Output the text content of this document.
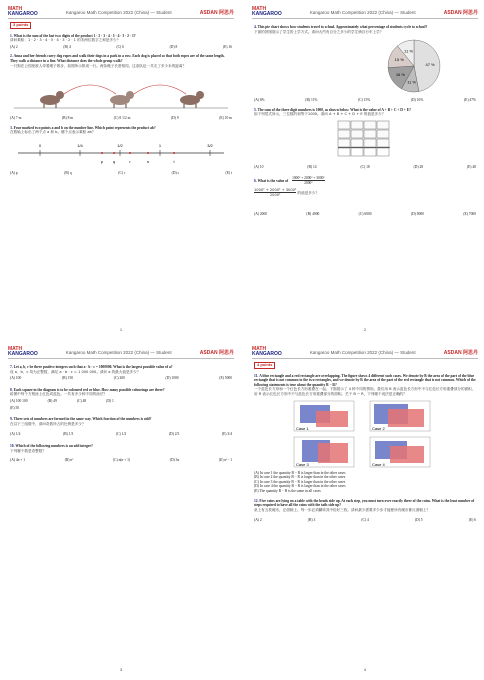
MATH
KANGAROO	Kangaroo Math Competition 2022 (China) — Student	ASDAN 阿思丹
3 points
1. What is the sum of the last two digits of the product 1 · 2 · 3 · 4 · 5 · 4 · 3 · 2 · 1?
请问乘积：1 · 2 · 3 · 4 · 5 · 4 · 3 · 2 · 1 的末两位数字之和是多少？
(A) 2	(B) 4	(C) 6	(D) 8	(E) 16
2. Anna and her friends carry dog ropes and walk their dogs in a park in a row. Each dog is placed so that both ropes are of the same length. They walk a distance in a line. What distance does the whole group walk?
一只狗在公园里被人牵着绳子散步，如图所示排成一行。两条绳子长度相同。这条队伍一共走了多少米的距离？
(A) 7 m	(B) 8 m	(C) 8 1/2 m	(D) 9	(E) 10 m
3. Four marked two points a and b on the number line. Which point represents the product ab?
在数轴上标出了两个点 a 和 b。哪个点表示乘积 ab？
0	1/4	1/2	1	3/2
p q	r	s	t
(A) p	(B) q	(C) r	(D) s	(E) t
1
MATH
KANGAROO	Kangaroo Math Competition 2022 (China) — Student	ASDAN 阿思丹
4. This pie chart shows how students travel to school. Approximately what percentage of students cycle to school?
下面的饼图展示了学生的上学方式。请问大约有百分之多少的学生骑自行车上学？
47 %
11 %
16 %
15 %
11 %
(A) 6%	(B) 11%	(C) 15%	(D) 16%	(E) 47%
5. The sum of the three digit numbers is 1000, as shown below. What is the value of A + B + C + D + E?
如下列竖式所示，三位数的和等于1000。请问 A + B + C + D + E 的值是多少？
(A) 10	(B) 14	(C) 18	(D) 28	(E) 48
6. What is the value of $\frac{\text{1000² + 2000² + 3000²}}{\text{2000²}}$
$\frac{\text{1000² + 2000² + 3000²}}{\text{2000²}}$ 的值是多少？
(A) 2000	(B) 4000	(C) 6000	(D) 8000	(E) 7000
2
MATH
KANGAROO	Kangaroo Math Competition 2022 (China) — Student	ASDAN 阿思丹
7. Let a, b, c be three positive integers such that a · b · c = 1000000. What is the largest possible value of a?
设 a、b、c 均为正整数，满足 a · b · c = 1 000 000。请问 a 的最大值是多少？
(A) 100	(B) 150	(C) 200	(D) 1000	(E) 5000
8. Each square in the diagram is to be coloured red or blue. How many possible colourings are there?
给图中每个方格涂上红色或蓝色。一共有多少种不同的涂法？
(A) 100 100	(B) 49	(C) 48	(D) 1
(E) 50
9. Three sets of numbers are formed in the same way. Which fraction of the numbers is odd?
在以下三组数中，请问奇数所占的比例是多少？
(A) 1/4	(B) 1/3	(C) 1/2	(D) 2/3	(E) 3/4
10. Which of the following numbers is an odd integer?
下列哪个数是奇整数？
(A) 4n + 1	(B) n²	(C) n(n + 1)	(D) 3n	(E) n² - 1
3
MATH
KANGAROO	Kangaroo Math Competition 2022 (China) — Student	ASDAN 阿思丹
4 points
11. A blue rectangle and a red rectangle are overlapping. The figure shows 4 different such cases. We denote by B the area of the part of the blue rectangle that is not common to the two rectangles, and we denote by R the area of the part of the red rectangle that is not common. Which of the following statements is true about the quantity B − R?
一个蓝色长方形和一个红色长方形重叠在一起。下图展示了 4 种不同的情形。我们用 B 表示蓝色长方形中不与红色长方形重叠部分的面积，用 R 表示红色长方形中不与蓝色长方形重叠部分的面积。关于 B − R，下列哪个说法是正确的？
Case 1	Case 2
Case 3	Case 4
(A) In case 1 the quantity B − R is larger than in the other cases
(B) In case 2 the quantity B − R is larger than in the other cases
(C) In case 3 the quantity B − R is larger than in the other cases
(D) In case 4 the quantity B − R is larger than in the other cases
(E) The quantity B − R is the same in all cases
12. Five coins are lying on a table with the heads side up. At each step, you must turn over exactly three of the coins. What is the least number of steps required to have all the coins with the tails side up?
桌上有五枚硬币，正面朝上。每一步必须翻转其中恰好三枚。请问最少需要多少步才能使所有硬币都反面朝上？
(A) 2	(B) 3	(C) 4	(D) 5	(E) 6
4
